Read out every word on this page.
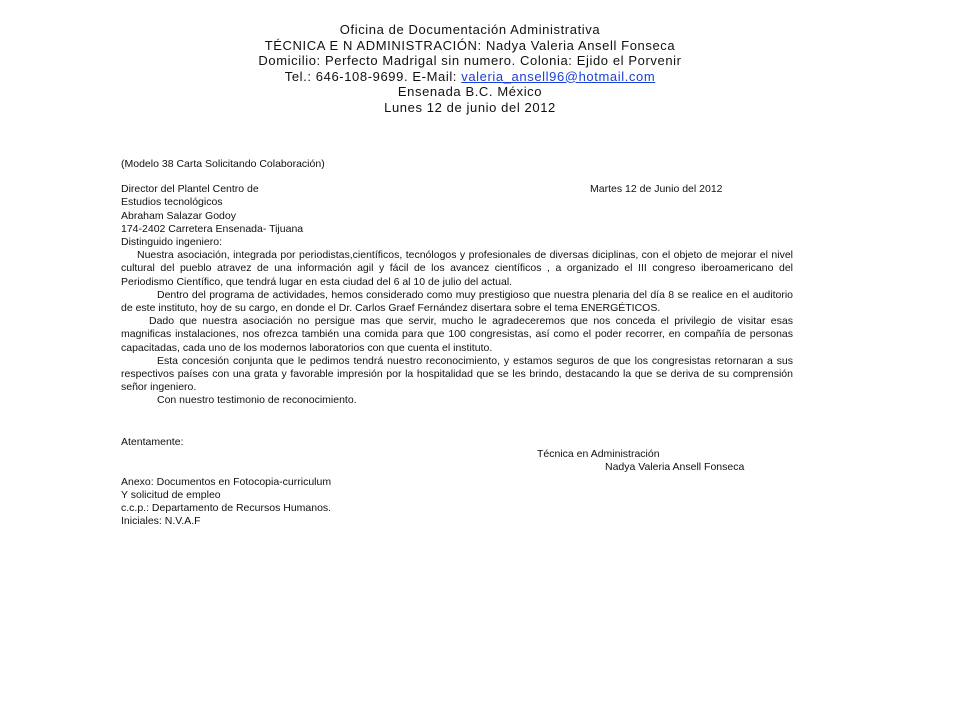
Oficina de Documentación Administrativa
TÉCNICA E N ADMINISTRACIÓN: Nadya Valeria Ansell Fonseca
Domicilio: Perfecto Madrigal sin numero. Colonia: Ejido el Porvenir
Tel.: 646-108-9699. E-Mail: valeria_ansell96@hotmail.com
Ensenada B.C. México
Lunes 12 de junio del 2012

(Modelo 38 Carta Solicitando Colaboración)

Director del Plantel Centro de

Estudios tecnológicos

Abraham Salazar Godoy

174-2402 Carretera Ensenada- Tijuana

Martes 12 de Junio del 2012

Distinguido ingeniero:

Nuestra asociación, integrada por periodistas,científicos, tecnólogos y profesionales de diversas diciplinas, con el objeto de mejorar el nivel cultural del pueblo atravez de una información agil y fácil de los avancez científicos , a organizado el III congreso iberoamericano del Periodismo Científico, que tendrá lugar en esta ciudad del 6 al 10 de julio del actual.

Dentro del programa de actividades, hemos considerado como muy prestigioso que nuestra plenaria del día 8 se realice en el auditorio de este instituto, hoy de su cargo, en donde el Dr. Carlos Graef Fernández disertara sobre el tema ENERGÉTICOS.

Dado que nuestra asociación no persigue mas que servir, mucho le agradeceremos que nos conceda el privilegio de visitar esas magnificas instalaciones, nos ofrezca también una comida para que 100 congresistas, así como el poder recorrer, en compañía de personas capacitadas, cada uno de los modernos laboratorios con que cuenta el instituto.

Esta concesión conjunta que le pedimos tendrá nuestro reconocimiento, y estamos seguros de que los congresistas retornaran a sus respectivos países con una grata y favorable impresión por la hospitalidad que se les brindo, destacando la que se deriva de su comprensión señor ingeniero.

Con nuestro testimonio de reconocimiento.

Atentamente:
Técnica en Administración
Nadya Valeria Ansell Fonseca

Anexo: Documentos en Fotocopia-curriculum

Y solicitud de empleo

c.c.p.: Departamento de Recursos Humanos.

Iniciales: N.V.A.F
